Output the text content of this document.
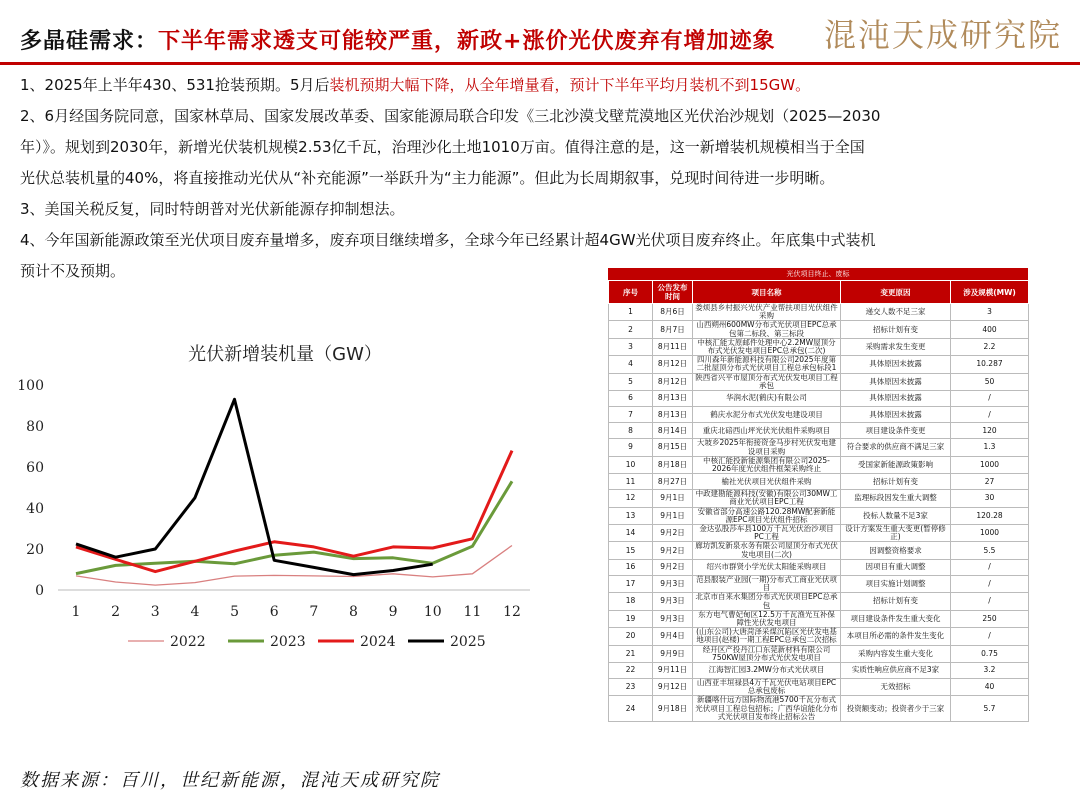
多晶硅需求：下半年需求透支可能较严重，新政+涨价光伏废弃有增加迹象 混沌天成研究院

1、2025年上半年430、531抢装预期。5月后装机预期大幅下降，从全年增量看，预计下半年平均月装机不到15GW。

2、6月经国务院同意，国家林草局、国家发展改革委、国家能源局联合印发《三北沙漠戈壁荒漠地区光伏治沙规划（2025—2030

年）》。规划到2030年，新增光伏装机规模2.53亿千瓦，治理沙化土地1010万亩。值得注意的是，这一新增装机规模相当于全国

光伏总装机量的40%，将直接推动光伏从“补充能源”一举跃升为“主力能源”。但此为长周期叙事，兑现时间待进一步明晰。

3、美国关税反复，同时特朗普对光伏新能源存抑制想法。

4、今年国新能源政策至光伏项目废弃量增多，废弃项目继续增多，全球今年已经累计超4GW光伏项目废弃终止。年底集中式装机

预计不及预期。

光伏新增装机量（GW）
0
20
40
60
80
100
1 2 3 4 5 6 7 8 9 10 11 12
2022	2023	2024	2025
光伏项目终止、废标
序号	公告发布时间	项目名称	变更原因	涉及规模(MW)
1	8月6日	娄烦县乡村振兴光伏产业帮扶项目光伏组件采购	递交人数不足三家	3
2	8月7日	山西朔州600MW分布式光伏项目EPC总承包第二标段、第三标段	招标计划有变	400
3	8月11日	中核汇能太原邮件处理中心2.2MW屋顶分布式光伏发电项目EPC总承包(二次)	采购需求发生变更	2.2
4	8月12日	四川森年新能源科技有限公司2025年度第二批屋顶分布式光伏项目工程总承包标段1	具体原因未披露	10.287
5	8月12日	陕西省兴平市屋顶分布式光伏发电项目工程承包	具体原因未披露	50
6	8月13日	华润水泥(鹤庆)有限公司	具体原因未披露	/
7	8月13日	鹤庆水泥分布式光伏发电建设项目	具体原因未披露	/
8	8月14日	重庆北碚西山坪光伏光伏组件采购项目	项目建设条件变更	120
9	8月15日	大坡乡2025年衔接资金马步村光伏发电建设项目采购	符合要求的供应商不满足三家	1.3
10	8月18日	中核汇能投新能源集团有限公司2025-2026年度光伏组件框架采购终止	受国家新能源政策影响	1000
11	8月27日	榆社光伏项目光伏组件采购	招标计划有变	27
12	9月1日	中政建勘能源科技(安徽)有限公司30MW工商业光伏项目EPC工程	监理标段因发生重大调整	30
13	9月1日	安徽省部分高速公路120.28MW配套新能源EPC项目光伏组件招标	投标人数量不足3家	120.28
14	9月2日	金达弘股莎车县100万千瓦光伏治沙项目PC工程	设计方案发生重大变更(暂停修正)	1000
15	9月2日	廊坊凯发新泉水务有限公司屋顶分布式光伏发电项目(二次)	因调整资格要求	5.5
16	9月2日	绍兴市群贤小学光伏太阳能采购项目	因项目有重大调整	/
17	9月3日	范县服装产业园(一期)分布式工商业光伏项目	项目实施计划调整	/
18	9月3日	北京市自来水集团分布式光伏项目EPC总承包	招标计划有变	/
19	9月3日	东方电气曹妃甸区12.5万千瓦渔光互补保障性光伏发电项目	项目建设条件发生重大变化	250
20	9月4日	(山东公司)大唐菏泽采煤沉陷区光伏发电基地项目(赵楼)一期工程EPC总承包二次招标	本项目所必需的条件发生变化	/
21	9月9日	经开区产投丹江口东莞新材料有限公司750KW屋顶分布式光伏发电项目	采购内容发生重大变化	0.75
22	9月11日	江海智汇园3.2MW分布式光伏项目	实质性响应供应商不足3家	3.2
23	9月12日	山西亚丰垣禄县4万千瓦光伏电站项目EPC总承包废标	无效招标	40
24	9月18日	新疆喀什远方国际物流港5700千瓦分布式光伏项目工程总包招标；广西华谊能化分布式光伏项目发布终止招标公告	投资额变动；投资者少于三家	5.7
数据来源：百川，世纪新能源，混沌天成研究院
